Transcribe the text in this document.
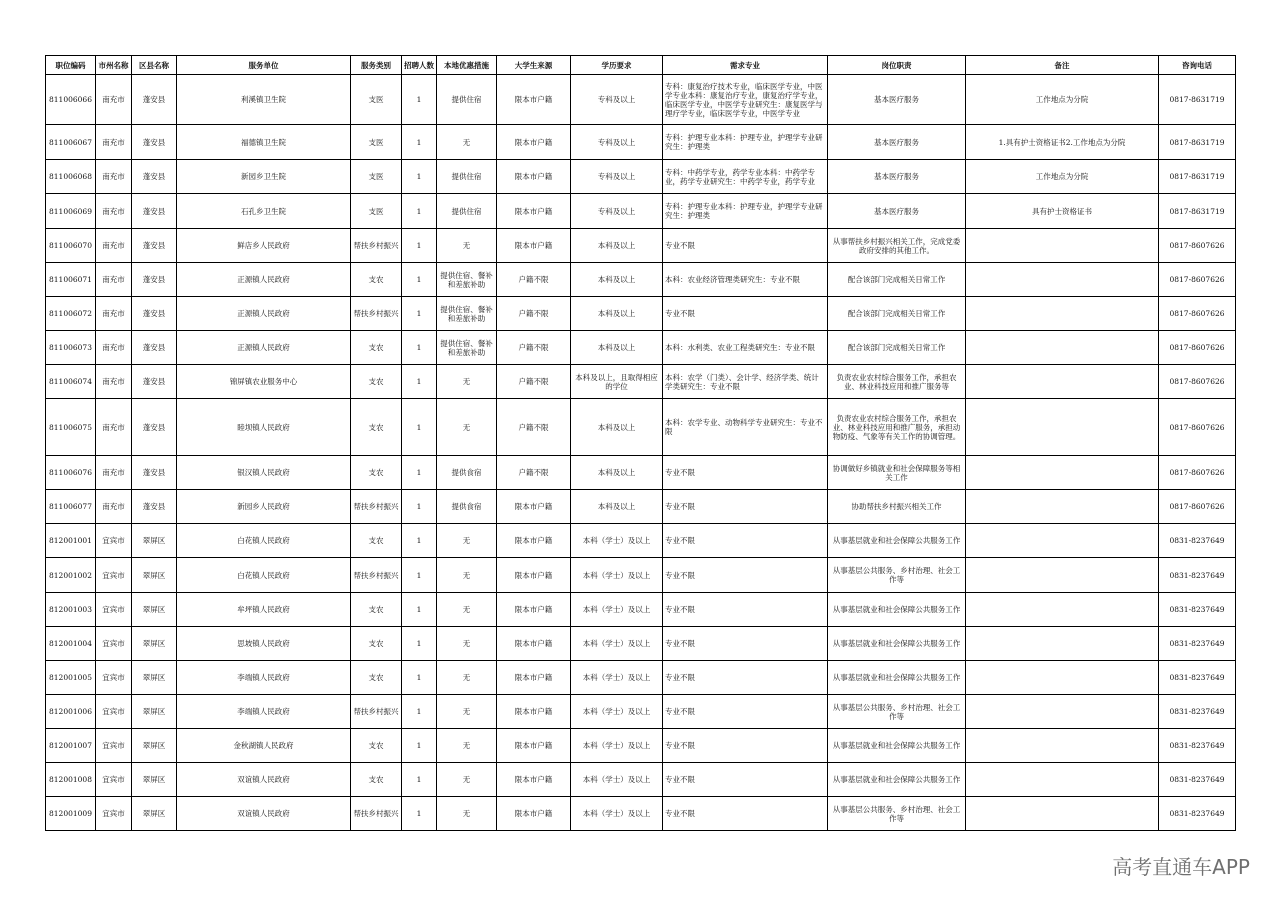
职位编码	市州名称	区县名称	服务单位	服务类别	招聘人数	本地优惠措施	大学生来源	学历要求	需求专业	岗位职责	备注	咨询电话

811006066	南充市	蓬安县	利溪镇卫生院	支医	1	提供住宿	限本市户籍	专科及以上	专科：康复治疗技术专业，临床医学专业，中医学专业本科：康复治疗专业，康复治疗学专业，临床医学专业，中医学专业研究生：康复医学与理疗学专业，临床医学专业，中医学专业	基本医疗服务	工作地点为分院	0817-8631719

811006067	南充市	蓬安县	福德镇卫生院	支医	1	无	限本市户籍	专科及以上	专科：护理专业本科：护理专业，护理学专业研究生：护理类	基本医疗服务	1.具有护士资格证书2.工作地点为分院	0817-8631719

811006068	南充市	蓬安县	新园乡卫生院	支医	1	提供住宿	限本市户籍	专科及以上	专科：中药学专业，药学专业本科：中药学专业，药学专业研究生：中药学专业，药学专业	基本医疗服务	工作地点为分院	0817-8631719

811006069	南充市	蓬安县	石孔乡卫生院	支医	1	提供住宿	限本市户籍	专科及以上	专科：护理专业本科：护理专业，护理学专业研究生：护理类	基本医疗服务	具有护士资格证书	0817-8631719

811006070	南充市	蓬安县	鲜店乡人民政府	帮扶乡村振兴	1	无	限本市户籍	本科及以上	专业不限	从事帮扶乡村振兴相关工作，完成党委政府安排的其他工作。		0817-8607626

811006071	南充市	蓬安县	正源镇人民政府	支农	1	提供住宿、餐补和差旅补助	户籍不限	本科及以上	本科：农业经济管理类研究生：专业不限	配合该部门完成相关日常工作		0817-8607626

811006072	南充市	蓬安县	正源镇人民政府	帮扶乡村振兴	1	提供住宿、餐补和差旅补助	户籍不限	本科及以上	专业不限	配合该部门完成相关日常工作		0817-8607626

811006073	南充市	蓬安县	正源镇人民政府	支农	1	提供住宿、餐补和差旅补助	户籍不限	本科及以上	本科：水利类、农业工程类研究生：专业不限	配合该部门完成相关日常工作		0817-8607626

811006074	南充市	蓬安县	锦屏镇农业服务中心	支农	1	无	户籍不限	本科及以上，且取得相应的学位	本科：农学（门类）、会计学、经济学类、统计学类研究生：专业不限	负责农业农村综合服务工作，承担农业、林业科技应用和推广服务等		0817-8607626

811006075	南充市	蓬安县	睦坝镇人民政府	支农	1	无	户籍不限	本科及以上	本科：农学专业、动物科学专业研究生：专业不限	负责农业农村综合服务工作，承担农业、林业科技应用和推广服务，承担动物防疫、气象等有关工作的协调管理。		0817-8607626

811006076	南充市	蓬安县	银汉镇人民政府	支农	1	提供食宿	户籍不限	本科及以上	专业不限	协调做好乡镇就业和社会保障服务等相关工作		0817-8607626

811006077	南充市	蓬安县	新园乡人民政府	帮扶乡村振兴	1	提供食宿	限本市户籍	本科及以上	专业不限	协助帮扶乡村振兴相关工作		0817-8607626

812001001	宜宾市	翠屏区	白花镇人民政府	支农	1	无	限本市户籍	本科（学士）及以上	专业不限	从事基层就业和社会保障公共服务工作		0831-8237649

812001002	宜宾市	翠屏区	白花镇人民政府	帮扶乡村振兴	1	无	限本市户籍	本科（学士）及以上	专业不限	从事基层公共服务、乡村治理、社会工作等		0831-8237649

812001003	宜宾市	翠屏区	牟坪镇人民政府	支农	1	无	限本市户籍	本科（学士）及以上	专业不限	从事基层就业和社会保障公共服务工作		0831-8237649

812001004	宜宾市	翠屏区	思坡镇人民政府	支农	1	无	限本市户籍	本科（学士）及以上	专业不限	从事基层就业和社会保障公共服务工作		0831-8237649

812001005	宜宾市	翠屏区	李端镇人民政府	支农	1	无	限本市户籍	本科（学士）及以上	专业不限	从事基层就业和社会保障公共服务工作		0831-8237649

812001006	宜宾市	翠屏区	李端镇人民政府	帮扶乡村振兴	1	无	限本市户籍	本科（学士）及以上	专业不限	从事基层公共服务、乡村治理、社会工作等		0831-8237649

812001007	宜宾市	翠屏区	金秋湖镇人民政府	支农	1	无	限本市户籍	本科（学士）及以上	专业不限	从事基层就业和社会保障公共服务工作		0831-8237649

812001008	宜宾市	翠屏区	双谊镇人民政府	支农	1	无	限本市户籍	本科（学士）及以上	专业不限	从事基层就业和社会保障公共服务工作		0831-8237649

812001009	宜宾市	翠屏区	双谊镇人民政府	帮扶乡村振兴	1	无	限本市户籍	本科（学士）及以上	专业不限	从事基层公共服务、乡村治理、社会工作等		0831-8237649
高考直通车APP
